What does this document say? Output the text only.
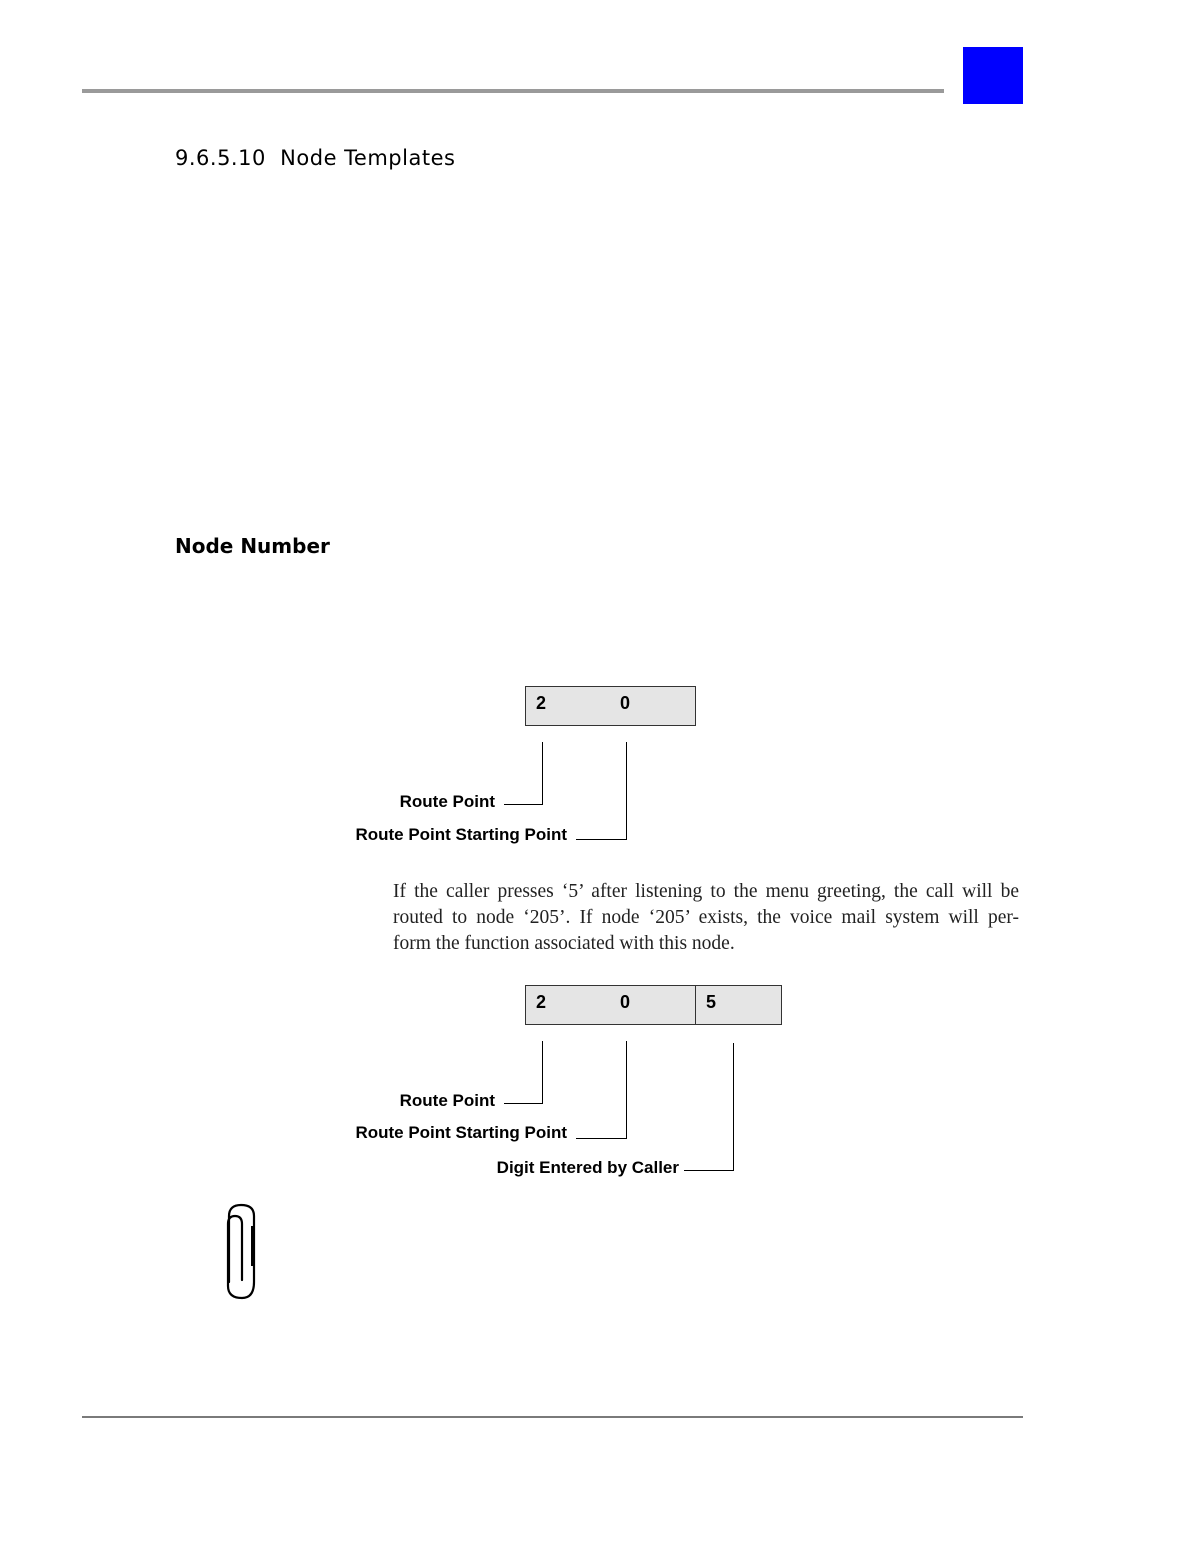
9.6.5.10  Node Templates
Node Number
2	0
Route Point
Route Point Starting Point
If the caller presses ‘5’ after listening to the menu greeting, the call will be
routed to node ‘205’. If node ‘205’ exists, the voice mail system will per-
form the function associated with this node.
2	0	5
Route Point
Route Point Starting Point
Digit Entered by Caller
